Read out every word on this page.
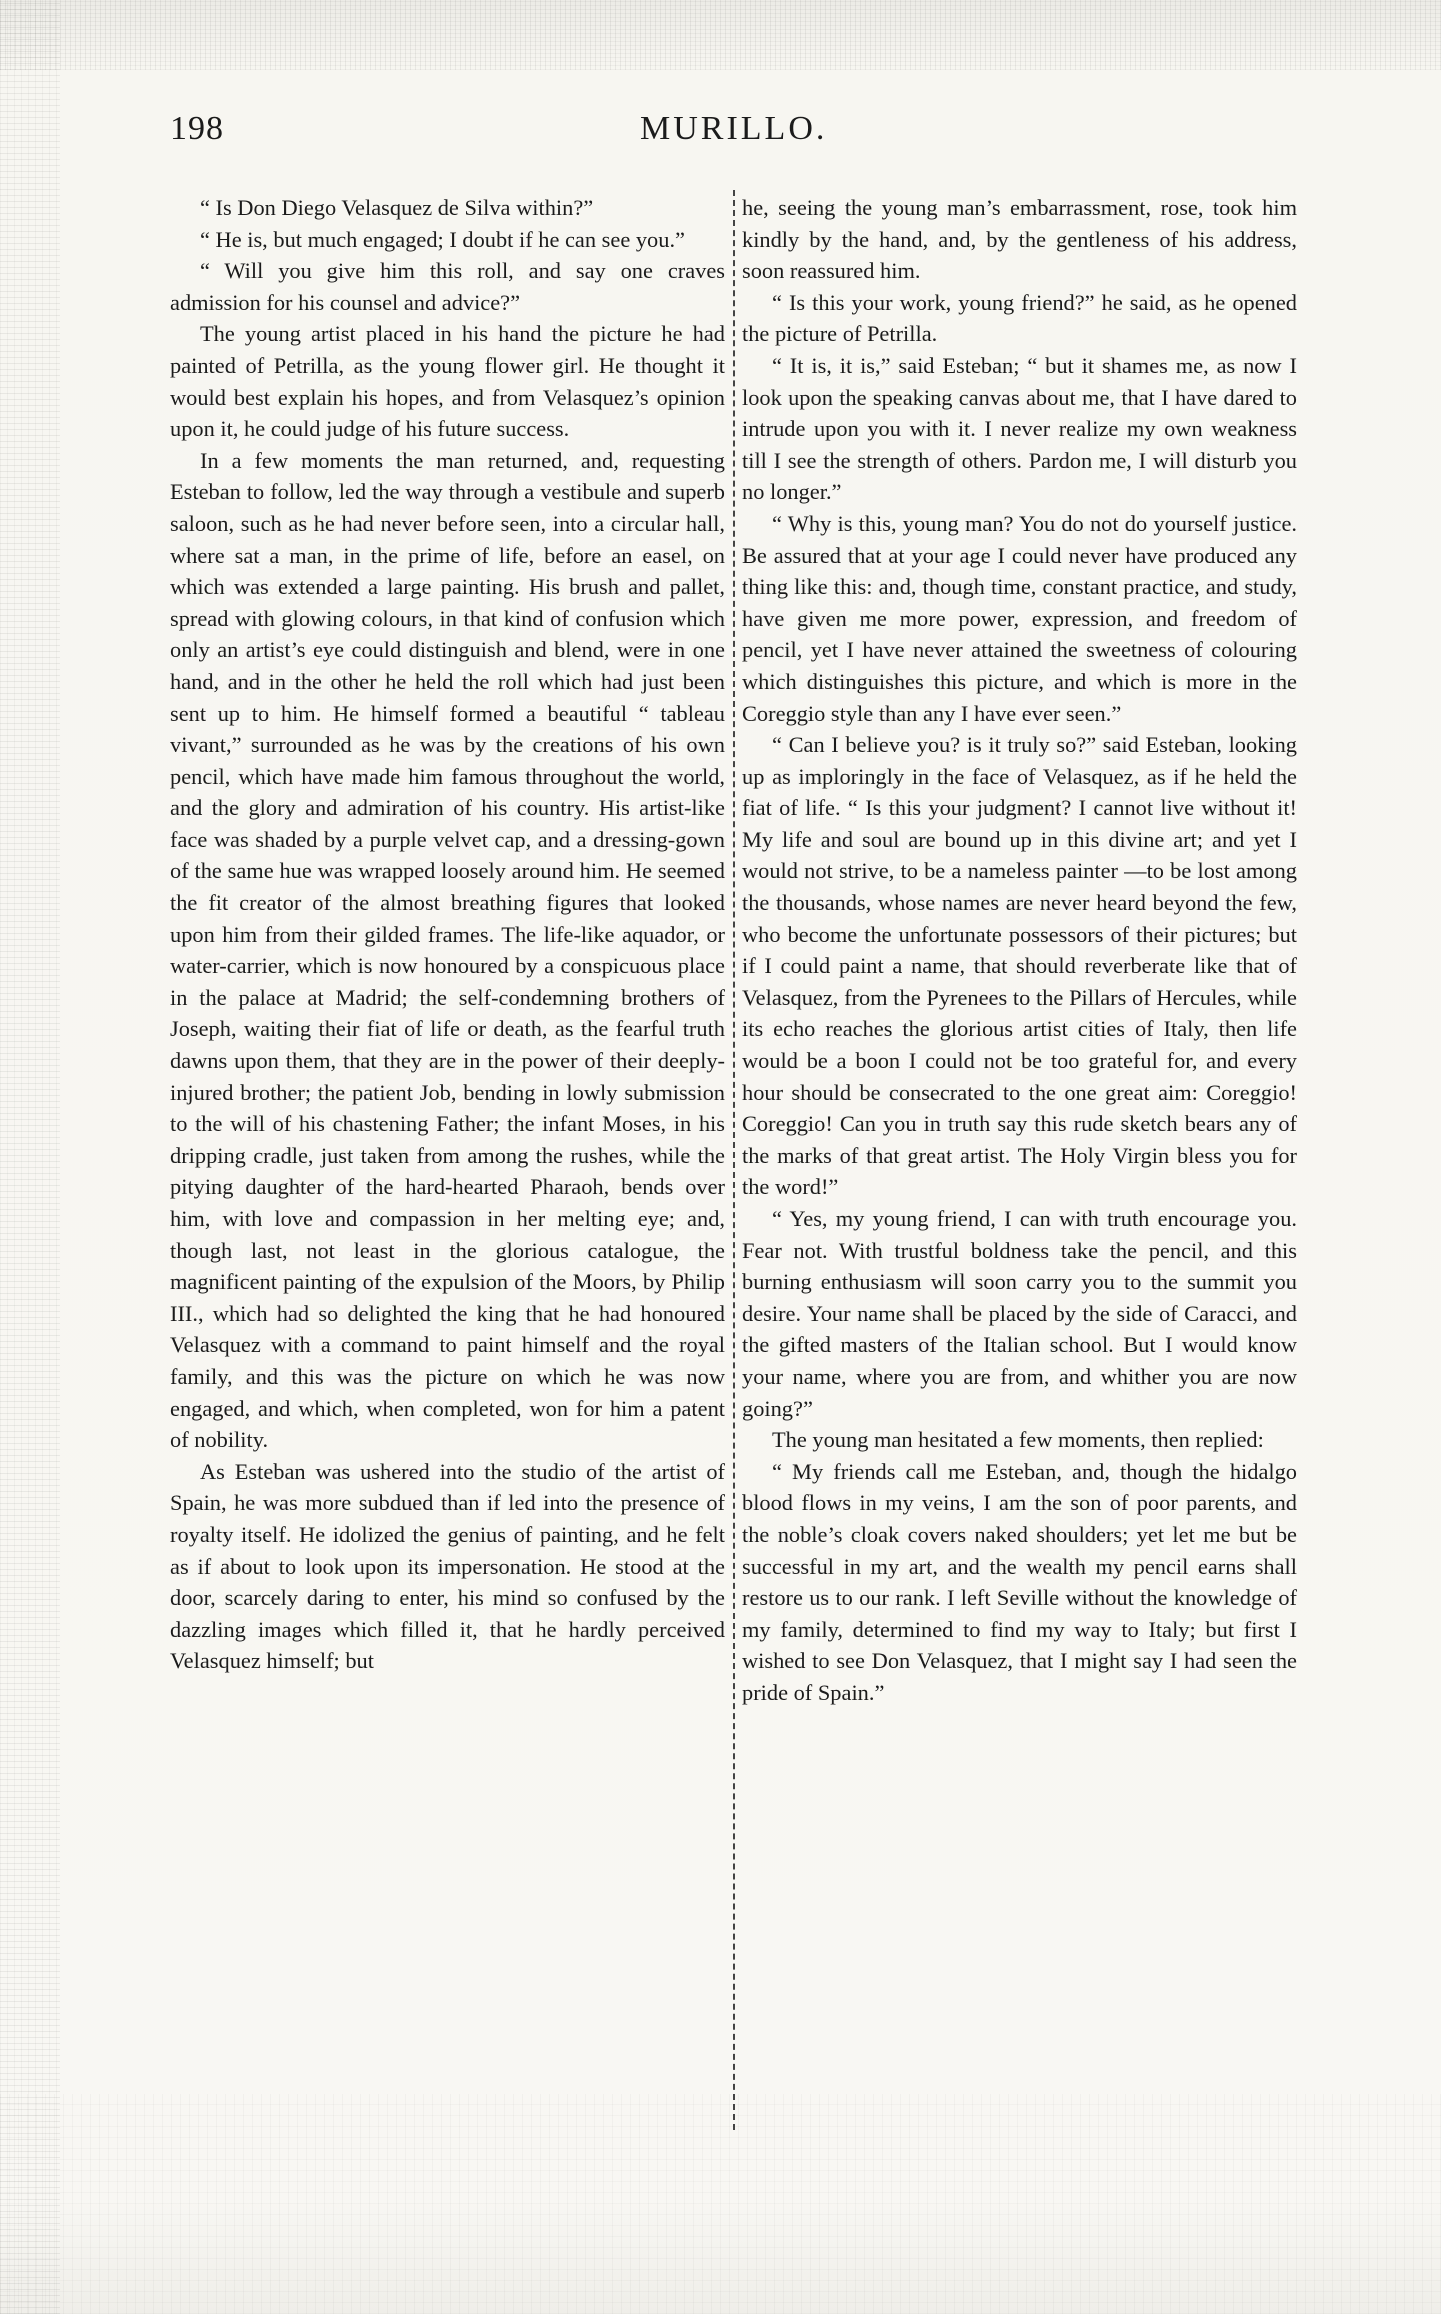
198	MURILLO.

“ Is Don Diego Velasquez de Silva within?”

“ He is, but much engaged; I doubt if he can see you.”

“ Will you give him this roll, and say one craves admission for his counsel and advice?”

The young artist placed in his hand the picture he had painted of Petrilla, as the young flower girl. He thought it would best explain his hopes, and from Velasquez’s opinion upon it, he could judge of his future success.

In a few moments the man returned, and, requesting Esteban to follow, led the way through a vestibule and superb saloon, such as he had never before seen, into a circular hall, where sat a man, in the prime of life, before an easel, on which was extended a large painting. His brush and pallet, spread with glowing colours, in that kind of confusion which only an artist’s eye could distinguish and blend, were in one hand, and in the other he held the roll which had just been sent up to him. He himself formed a beautiful “ tableau vivant,” surrounded as he was by the creations of his own pencil, which have made him famous throughout the world, and the glory and admiration of his country. His artist-like face was shaded by a purple velvet cap, and a dressing-gown of the same hue was wrapped loosely around him. He seemed the fit creator of the almost breathing figures that looked upon him from their gilded frames. The life-like aquador, or water-carrier, which is now honoured by a conspicuous place in the palace at Madrid; the self-condemning brothers of Joseph, waiting their fiat of life or death, as the fearful truth dawns upon them, that they are in the power of their deeply-injured brother; the patient Job, bending in lowly submission to the will of his chastening Father; the infant Moses, in his dripping cradle, just taken from among the rushes, while the pitying daughter of the hard-hearted Pharaoh, bends over him, with love and compassion in her melting eye; and, though last, not least in the glorious catalogue, the magnificent painting of the expulsion of the Moors, by Philip III., which had so delighted the king that he had honoured Velasquez with a command to paint himself and the royal family, and this was the picture on which he was now engaged, and which, when completed, won for him a patent of nobility.

As Esteban was ushered into the studio of the artist of Spain, he was more subdued than if led into the presence of royalty itself. He idolized the genius of painting, and he felt as if about to look upon its impersonation. He stood at the door, scarcely daring to enter, his mind so confused by the dazzling images which filled it, that he hardly perceived Velasquez himself; but

he, seeing the young man’s embarrassment, rose, took him kindly by the hand, and, by the gentleness of his address, soon reassured him.

“ Is this your work, young friend?” he said, as he opened the picture of Petrilla.

“ It is, it is,” said Esteban; “ but it shames me, as now I look upon the speaking canvas about me, that I have dared to intrude upon you with it. I never realize my own weakness till I see the strength of others. Pardon me, I will disturb you no longer.”

“ Why is this, young man? You do not do yourself justice. Be assured that at your age I could never have produced any thing like this: and, though time, constant practice, and study, have given me more power, expression, and freedom of pencil, yet I have never attained the sweetness of colouring which distinguishes this picture, and which is more in the Coreggio style than any I have ever seen.”

“ Can I believe you? is it truly so?” said Esteban, looking up as imploringly in the face of Velasquez, as if he held the fiat of life. “ Is this your judgment? I cannot live without it! My life and soul are bound up in this divine art; and yet I would not strive, to be a nameless painter —to be lost among the thousands, whose names are never heard beyond the few, who become the unfortunate possessors of their pictures; but if I could paint a name, that should reverberate like that of Velasquez, from the Pyrenees to the Pillars of Hercules, while its echo reaches the glorious artist cities of Italy, then life would be a boon I could not be too grateful for, and every hour should be consecrated to the one great aim: Coreggio! Coreggio! Can you in truth say this rude sketch bears any of the marks of that great artist. The Holy Virgin bless you for the word!”

“ Yes, my young friend, I can with truth encourage you. Fear not. With trustful boldness take the pencil, and this burning enthusiasm will soon carry you to the summit you desire. Your name shall be placed by the side of Caracci, and the gifted masters of the Italian school. But I would know your name, where you are from, and whither you are now going?”

The young man hesitated a few moments, then replied:

“ My friends call me Esteban, and, though the hidalgo blood flows in my veins, I am the son of poor parents, and the noble’s cloak covers naked shoulders; yet let me but be successful in my art, and the wealth my pencil earns shall restore us to our rank. I left Seville without the knowledge of my family, determined to find my way to Italy; but first I wished to see Don Velasquez, that I might say I had seen the pride of Spain.”
